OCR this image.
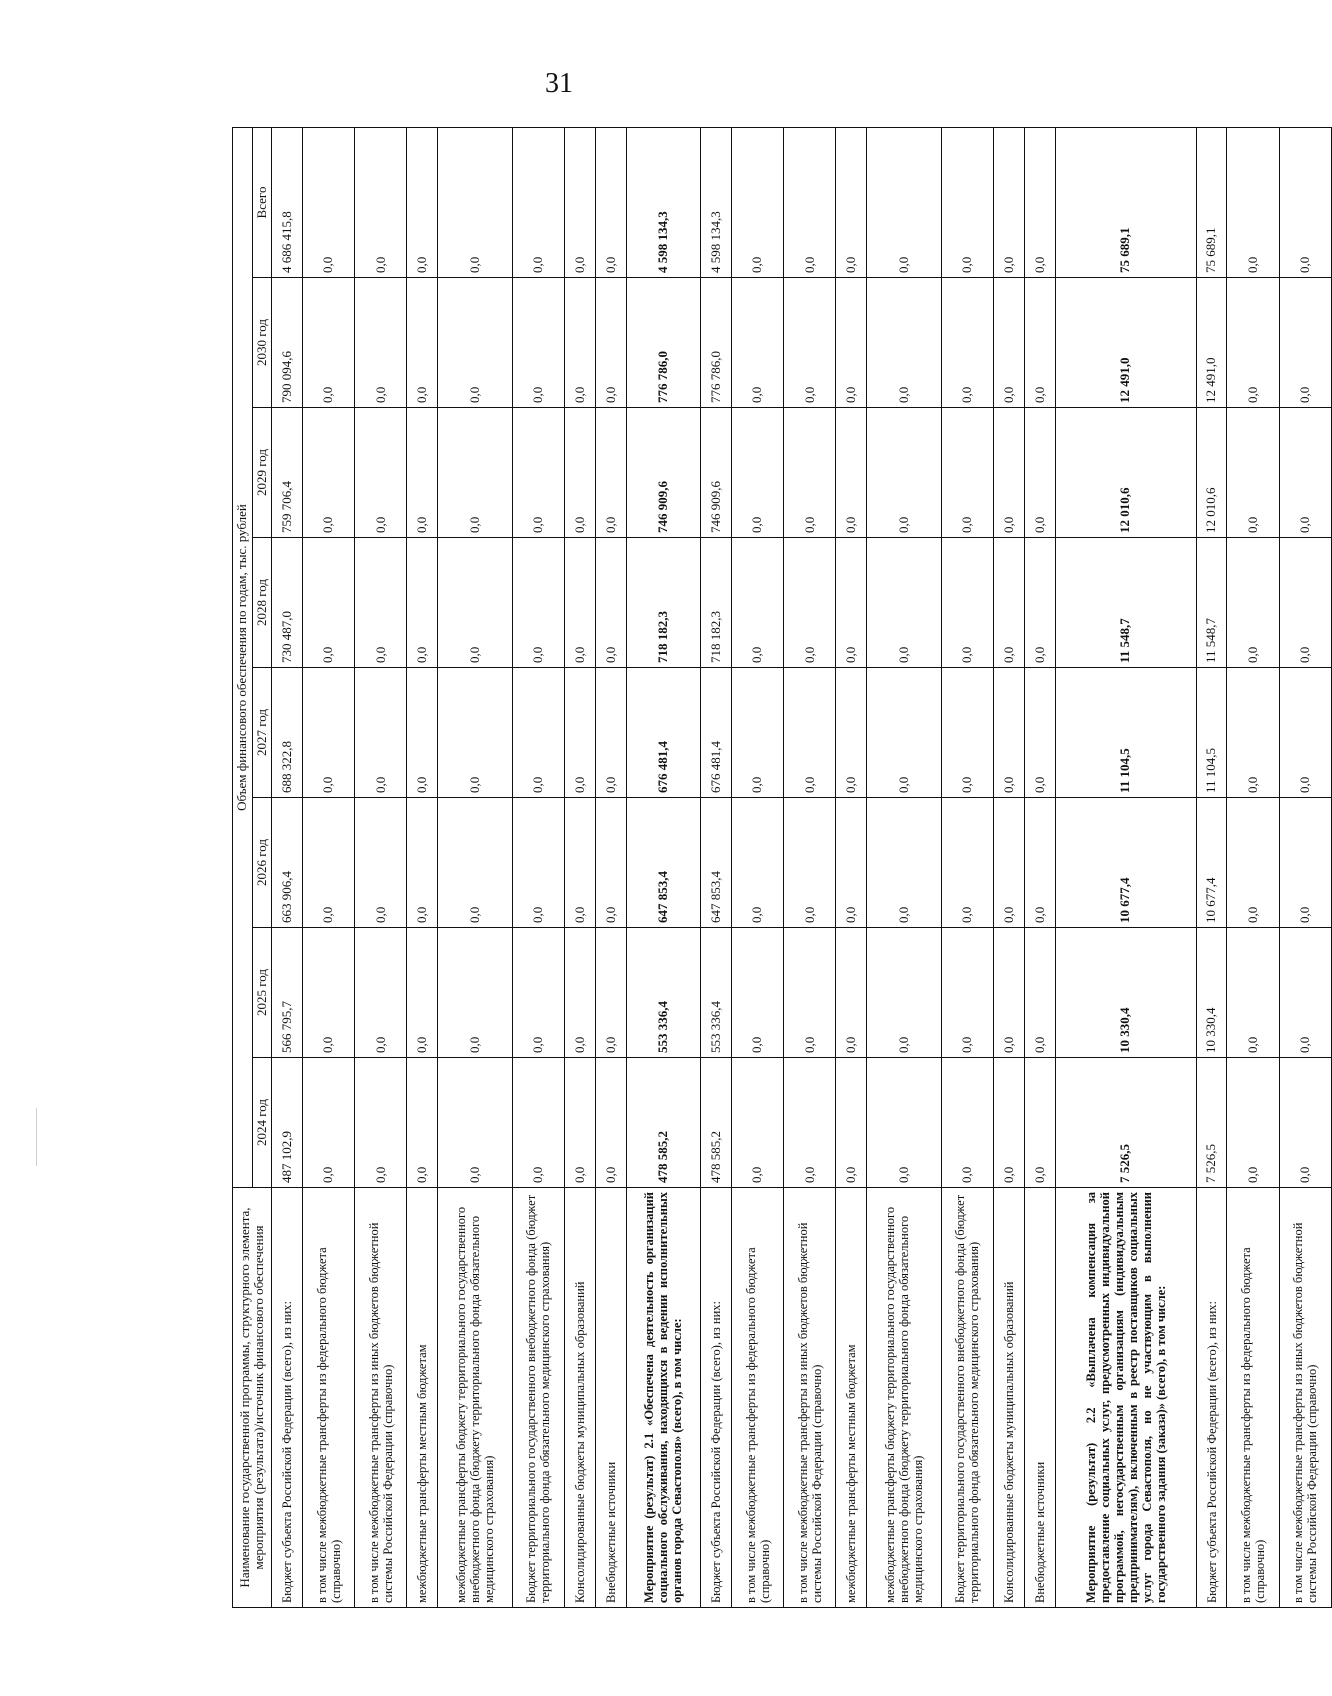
31
Наименование государственной программы, структурного элемента, мероприятия (результата)/источник финансового обеспечения	Объем финансового обеспечения по годам, тыс. рублей							
	2024 год	2025 год	2026 год	2027 год	2028 год	2029 год	2030 год	Всего
Бюджет субъекта Российской Федерации (всего), из них:	487 102,9	566 795,7	663 906,4	688 322,8	730 487,0	759 706,4	790 094,6	4 686 415,8
в том числе межбюджетные трансферты из федерального бюджета (справочно)	0,0	0,0	0,0	0,0	0,0	0,0	0,0	0,0
в том числе межбюджетные трансферты из иных бюджетов бюджетной системы Российской Федерации (справочно)	0,0	0,0	0,0	0,0	0,0	0,0	0,0	0,0
межбюджетные трансферты местным бюджетам	0,0	0,0	0,0	0,0	0,0	0,0	0,0	0,0
межбюджетные трансферты бюджету территориального государственного внебюджетного фонда (бюджету территориального фонда обязательного медицинского страхования)	0,0	0,0	0,0	0,0	0,0	0,0	0,0	0,0
Бюджет территориального государственного внебюджетного фонда (бюджет территориального фонда обязательного медицинского страхования)	0,0	0,0	0,0	0,0	0,0	0,0	0,0	0,0
Консолидированные бюджеты муниципальных образований	0,0	0,0	0,0	0,0	0,0	0,0	0,0	0,0
Внебюджетные источники	0,0	0,0	0,0	0,0	0,0	0,0	0,0	0,0
Мероприятие (результат) 2.1 «Обеспечена деятельность организаций социального обслуживания, находящихся в ведении исполнительных органов города Севастополя» (всего), в том числе:	478 585,2	553 336,4	647 853,4	676 481,4	718 182,3	746 909,6	776 786,0	4 598 134,3
Бюджет субъекта Российской Федерации (всего), из них:	478 585,2	553 336,4	647 853,4	676 481,4	718 182,3	746 909,6	776 786,0	4 598 134,3
в том числе межбюджетные трансферты из федерального бюджета (справочно)	0,0	0,0	0,0	0,0	0,0	0,0	0,0	0,0
в том числе межбюджетные трансферты из иных бюджетов бюджетной системы Российской Федерации (справочно)	0,0	0,0	0,0	0,0	0,0	0,0	0,0	0,0
межбюджетные трансферты местным бюджетам	0,0	0,0	0,0	0,0	0,0	0,0	0,0	0,0
межбюджетные трансферты бюджету территориального государственного внебюджетного фонда (бюджету территориального фонда обязательного медицинского страхования)	0,0	0,0	0,0	0,0	0,0	0,0	0,0	0,0
Бюджет территориального государственного внебюджетного фонда (бюджет территориального фонда обязательного медицинского страхования)	0,0	0,0	0,0	0,0	0,0	0,0	0,0	0,0
Консолидированные бюджеты муниципальных образований	0,0	0,0	0,0	0,0	0,0	0,0	0,0	0,0
Внебюджетные источники	0,0	0,0	0,0	0,0	0,0	0,0	0,0	0,0
Мероприятие (результат) 2.2 «Выплачена компенсация за предоставление социальных услуг, предусмотренных индивидуальной программой, негосударственным организациям (индивидуальным предпринимателям), включенным в реестр поставщиков социальных услуг города Севастополя, но не участвующим в выполнении государственного задания (заказа)» (всего), в том числе:	7 526,5	10 330,4	10 677,4	11 104,5	11 548,7	12 010,6	12 491,0	75 689,1
Бюджет субъекта Российской Федерации (всего), из них:	7 526,5	10 330,4	10 677,4	11 104,5	11 548,7	12 010,6	12 491,0	75 689,1
в том числе межбюджетные трансферты из федерального бюджета (справочно)	0,0	0,0	0,0	0,0	0,0	0,0	0,0	0,0
в том числе межбюджетные трансферты из иных бюджетов бюджетной системы Российской Федерации (справочно)	0,0	0,0	0,0	0,0	0,0	0,0	0,0	0,0
